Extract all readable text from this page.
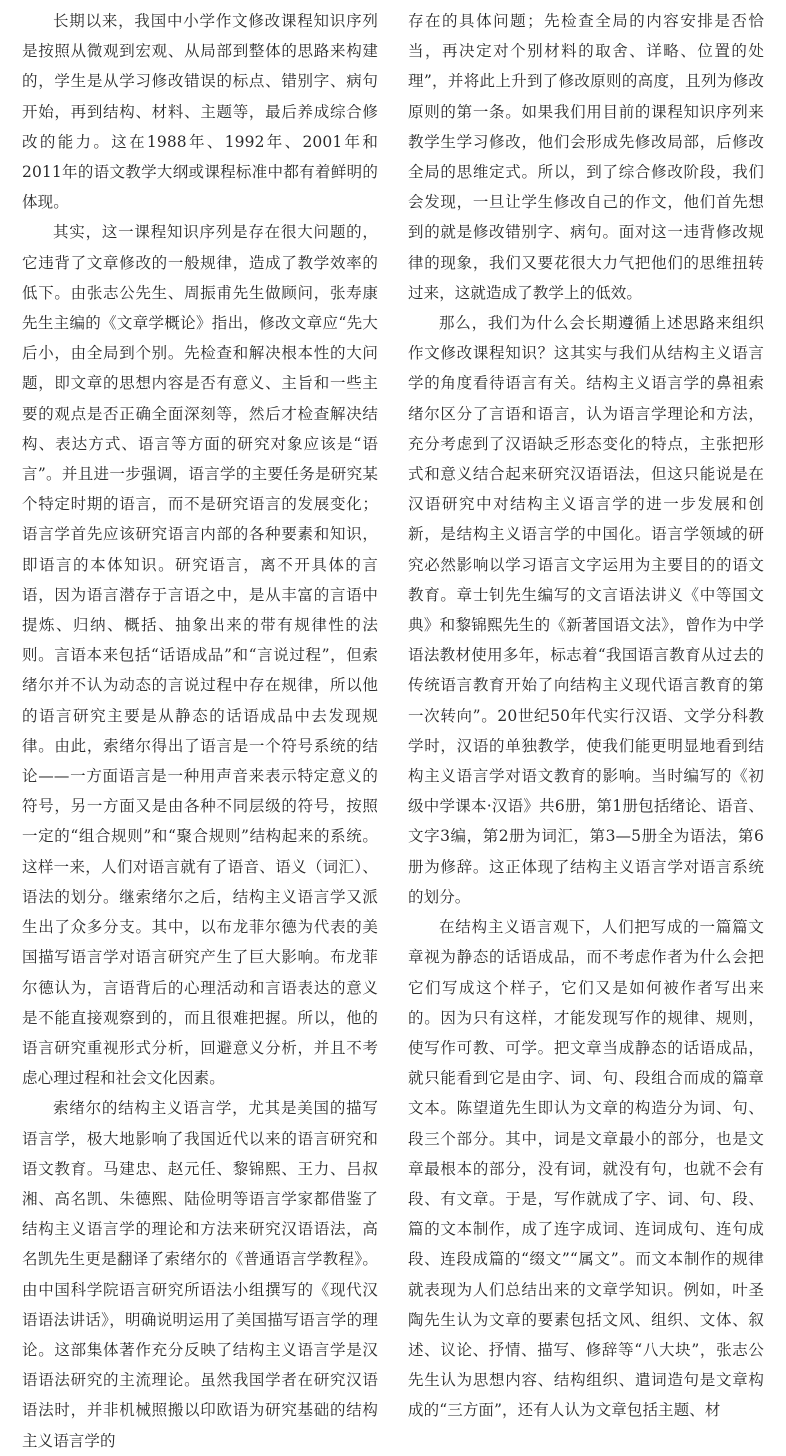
长期以来，我国中小学作文修改课程知识序列是按照从微观到宏观、从局部到整体的思路来构建的，学生是从学习修改错误的标点、错别字、病句开始，再到结构、材料、主题等，最后养成综合修改的能力。这在1988年、1992年、2001年和2011年的语文教学大纲或课程标准中都有着鲜明的体现。

其实，这一课程知识序列是存在很大问题的，它违背了文章修改的一般规律，造成了教学效率的低下。由张志公先生、周振甫先生做顾问，张寿康先生主编的《文章学概论》指出，修改文章应“先大后小，由全局到个别。先检查和解决根本性的大问题，即文章的思想内容是否有意义、主旨和一些主要的观点是否正确全面深刻等，然后才检查解决结构、表达方式、语言等方面的研究对象应该是“语言”。并且进一步强调，语言学的主要任务是研究某个特定时期的语言，而不是研究语言的发展变化；语言学首先应该研究语言内部的各种要素和知识，即语言的本体知识。研究语言，离不开具体的言语，因为语言潜存于言语之中，是从丰富的言语中提炼、归纳、概括、抽象出来的带有规律性的法则。言语本来包括“话语成品”和“言说过程”，但索绪尔并不认为动态的言说过程中存在规律，所以他的语言研究主要是从静态的话语成品中去发现规律。由此，索绪尔得出了语言是一个符号系统的结论——一方面语言是一种用声音来表示特定意义的符号，另一方面又是由各种不同层级的符号，按照一定的“组合规则”和“聚合规则”结构起来的系统。这样一来，人们对语言就有了语音、语义（词汇）、语法的划分。继索绪尔之后，结构主义语言学又派生出了众多分支。其中，以布龙菲尔德为代表的美国描写语言学对语言研究产生了巨大影响。布龙菲尔德认为，言语背后的心理活动和言语表达的意义是不能直接观察到的，而且很难把握。所以，他的语言研究重视形式分析，回避意义分析，并且不考虑心理过程和社会文化因素。

索绪尔的结构主义语言学，尤其是美国的描写语言学，极大地影响了我国近代以来的语言研究和语文教育。马建忠、赵元任、黎锦熙、王力、吕叔湘、高名凯、朱德熙、陆俭明等语言学家都借鉴了结构主义语言学的理论和方法来研究汉语语法，高名凯先生更是翻译了索绪尔的《普通语言学教程》。由中国科学院语言研究所语法小组撰写的《现代汉语语法讲话》，明确说明运用了美国描写语言学的理论。这部集体著作充分反映了结构主义语言学是汉语语法研究的主流理论。虽然我国学者在研究汉语语法时，并非机械照搬以印欧语为研究基础的结构主义语言学的

存在的具体问题；先检查全局的内容安排是否恰当，再决定对个别材料的取舍、详略、位置的处理”，并将此上升到了修改原则的高度，且列为修改原则的第一条。如果我们用目前的课程知识序列来教学生学习修改，他们会形成先修改局部，后修改全局的思维定式。所以，到了综合修改阶段，我们会发现，一旦让学生修改自己的作文，他们首先想到的就是修改错别字、病句。面对这一违背修改规律的现象，我们又要花很大力气把他们的思维扭转过来，这就造成了教学上的低效。

那么，我们为什么会长期遵循上述思路来组织作文修改课程知识？这其实与我们从结构主义语言学的角度看待语言有关。结构主义语言学的鼻祖索绪尔区分了言语和语言，认为语言学理论和方法，充分考虑到了汉语缺乏形态变化的特点，主张把形式和意义结合起来研究汉语语法，但这只能说是在汉语研究中对结构主义语言学的进一步发展和创新，是结构主义语言学的中国化。语言学领域的研究必然影响以学习语言文字运用为主要目的的语文教育。章士钊先生编写的文言语法讲义《中等国文典》和黎锦熙先生的《新著国语文法》，曾作为中学语法教材使用多年，标志着“我国语言教育从过去的传统语言教育开始了向结构主义现代语言教育的第一次转向”。20世纪50年代实行汉语、文学分科教学时，汉语的单独教学，使我们能更明显地看到结构主义语言学对语文教育的影响。当时编写的《初级中学课本·汉语》共6册，第1册包括绪论、语音、文字3编，第2册为词汇，第3—5册全为语法，第6册为修辞。这正体现了结构主义语言学对语言系统的划分。

在结构主义语言观下，人们把写成的一篇篇文章视为静态的话语成品，而不考虑作者为什么会把它们写成这个样子，它们又是如何被作者写出来的。因为只有这样，才能发现写作的规律、规则，使写作可教、可学。把文章当成静态的话语成品，就只能看到它是由字、词、句、段组合而成的篇章文本。陈望道先生即认为文章的构造分为词、句、段三个部分。其中，词是文章最小的部分，也是文章最根本的部分，没有词，就没有句，也就不会有段、有文章。于是，写作就成了字、词、句、段、篇的文本制作，成了连字成词、连词成句、连句成段、连段成篇的“缀文”“属文”。而文本制作的规律就表现为人们总结出来的文章学知识。例如，叶圣陶先生认为文章的要素包括文风、组织、文体、叙述、议论、抒情、描写、修辞等“八大块”，张志公先生认为思想内容、结构组织、遣词造句是文章构成的“三方面”，还有人认为文章包括主题、材
